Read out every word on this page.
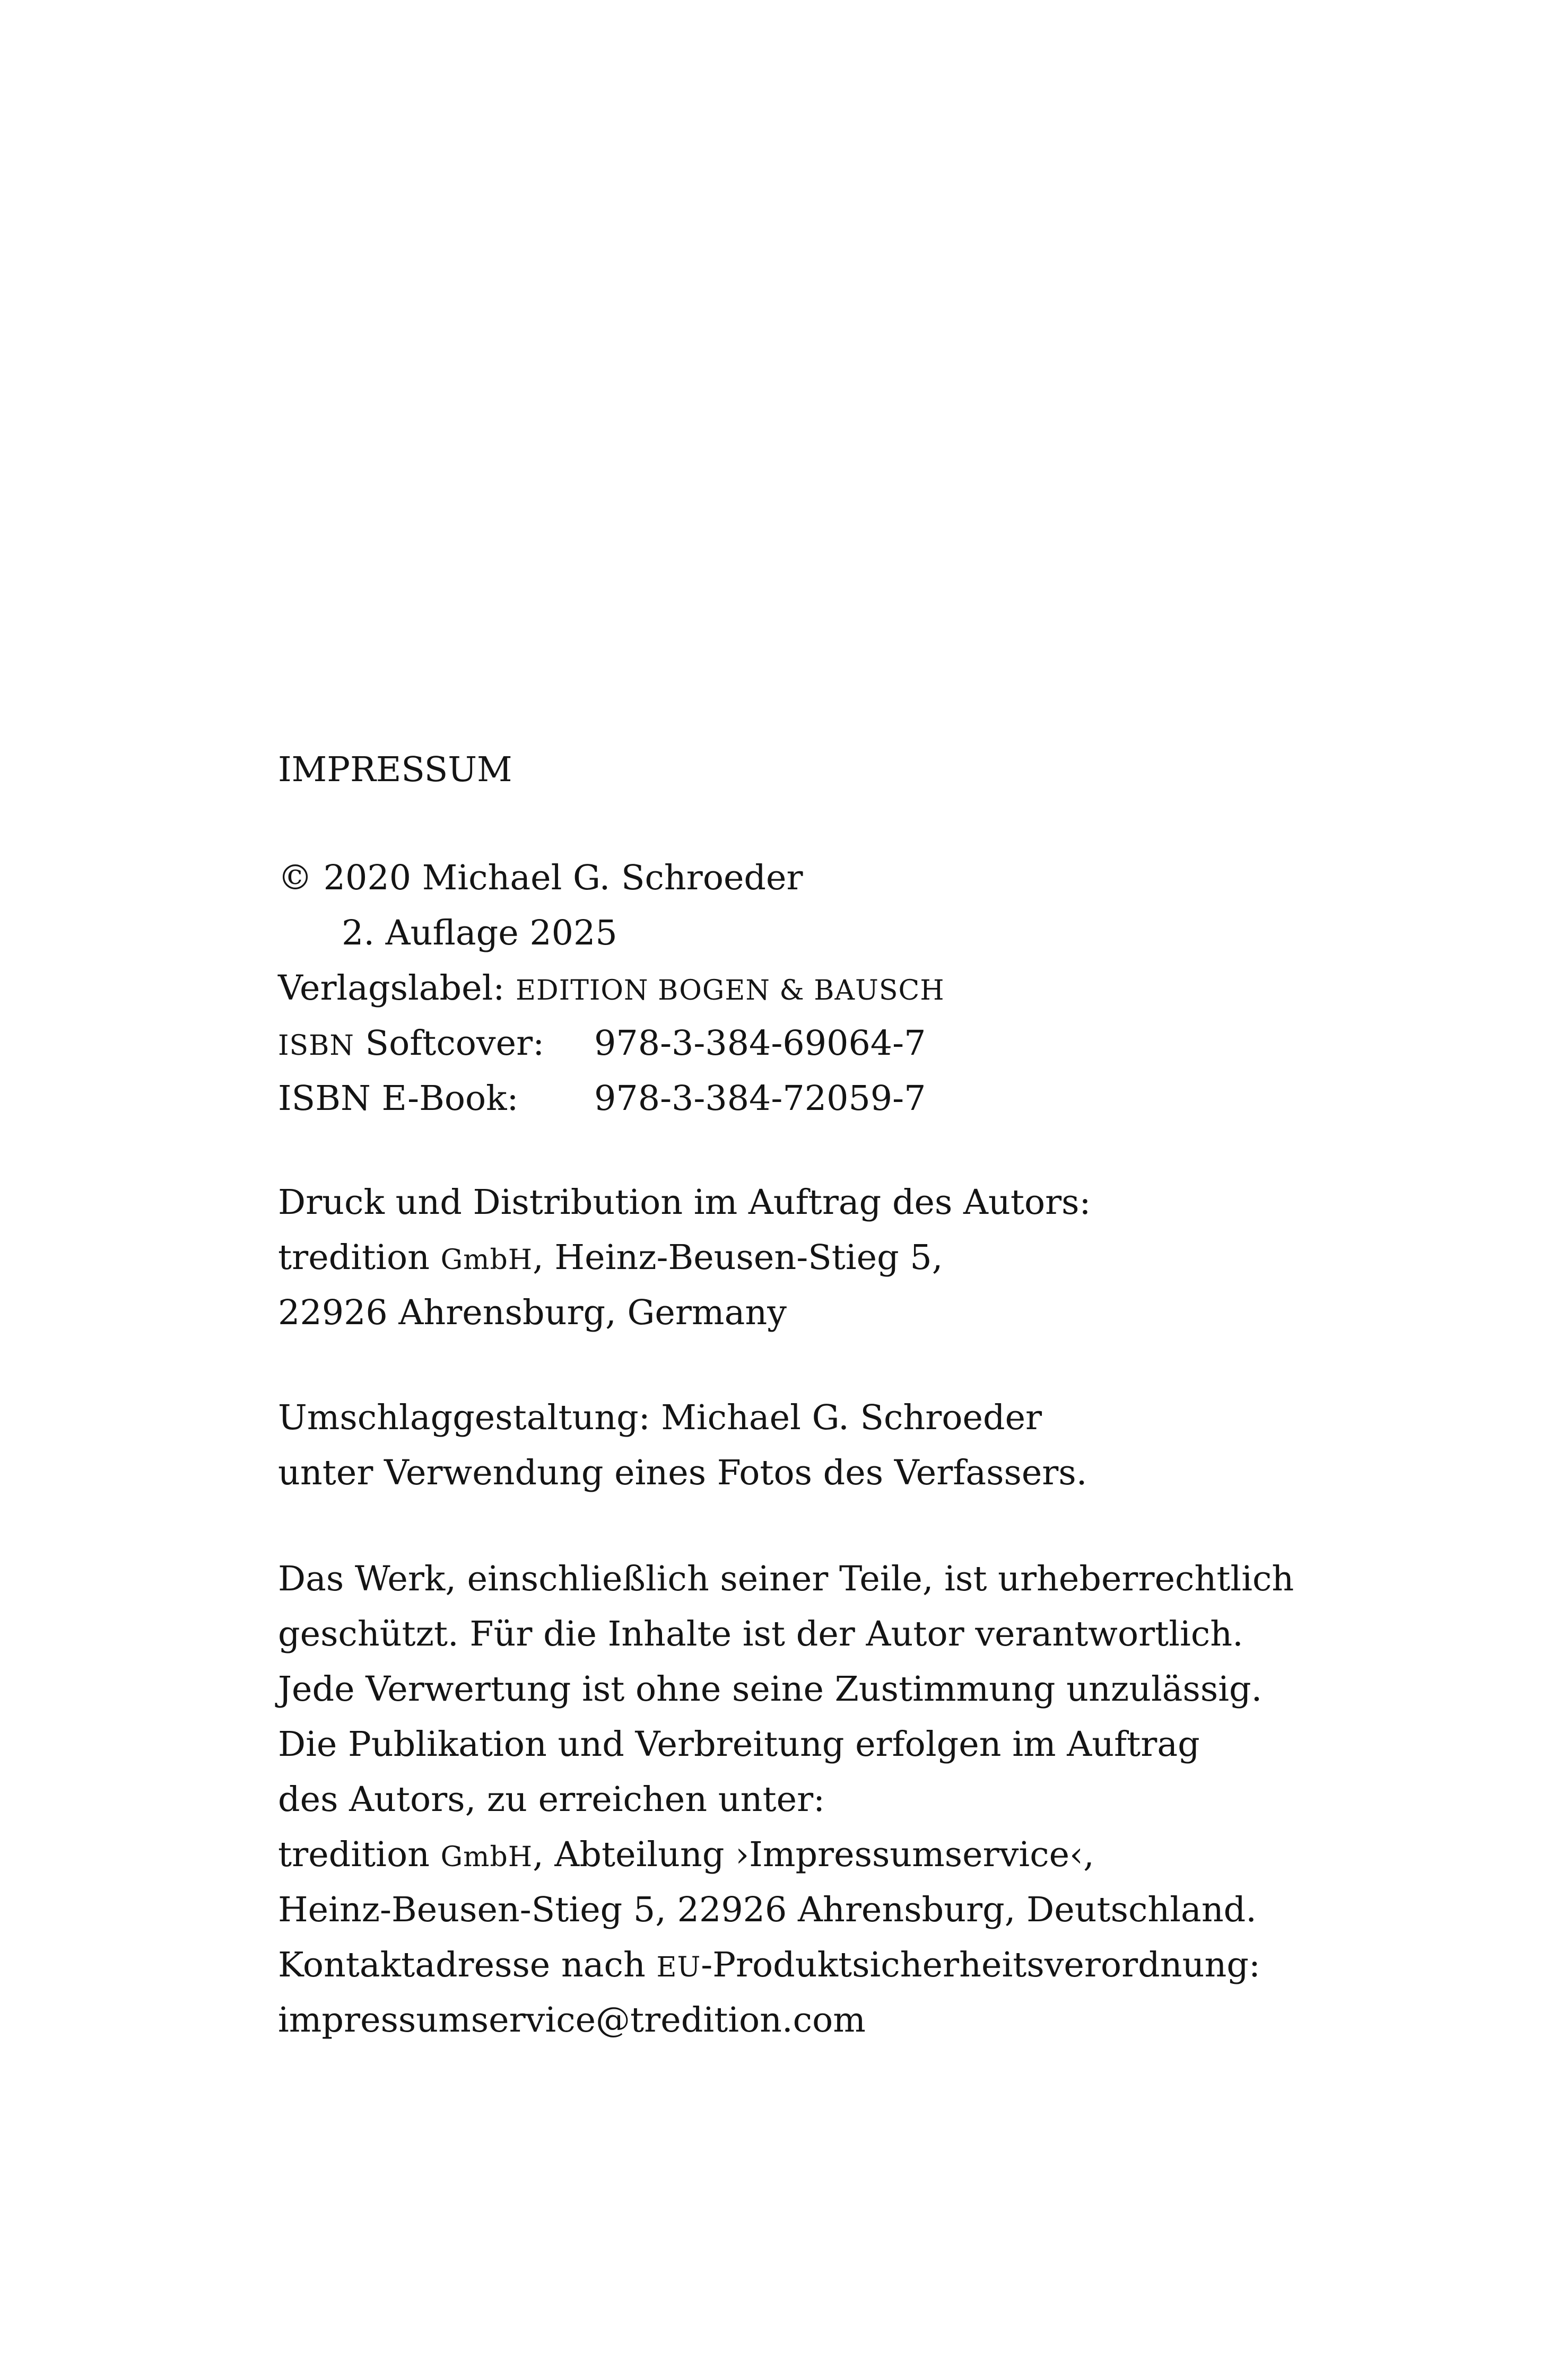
IMPRESSUM
© 2020 Michael G. Schroeder
2. Auflage 2025
Verlagslabel: EDITION BOGEN & BAUSCH
ISBN Softcover: 978-3-384-69064-7
ISBN E-Book: 978-3-384-72059-7
Druck und Distribution im Auftrag des Autors:
tredition GmbH, Heinz-Beusen-Stieg 5,
22926 Ahrensburg, Germany
Umschlaggestaltung: Michael G. Schroeder
unter Verwendung eines Fotos des Verfassers.
Das Werk, einschließlich seiner Teile, ist urheberrechtlich
geschützt. Für die Inhalte ist der Autor verantwortlich.
Jede Verwertung ist ohne seine Zustimmung unzulässig.
Die Publikation und Verbreitung erfolgen im Auftrag
des Autors, zu erreichen unter:
tredition GmbH, Abteilung ›Impressumservice‹,
Heinz-Beusen-Stieg 5, 22926 Ahrensburg, Deutschland.
Kontaktadresse nach EU-Produktsicherheitsverordnung:
impressumservice@tredition.com
